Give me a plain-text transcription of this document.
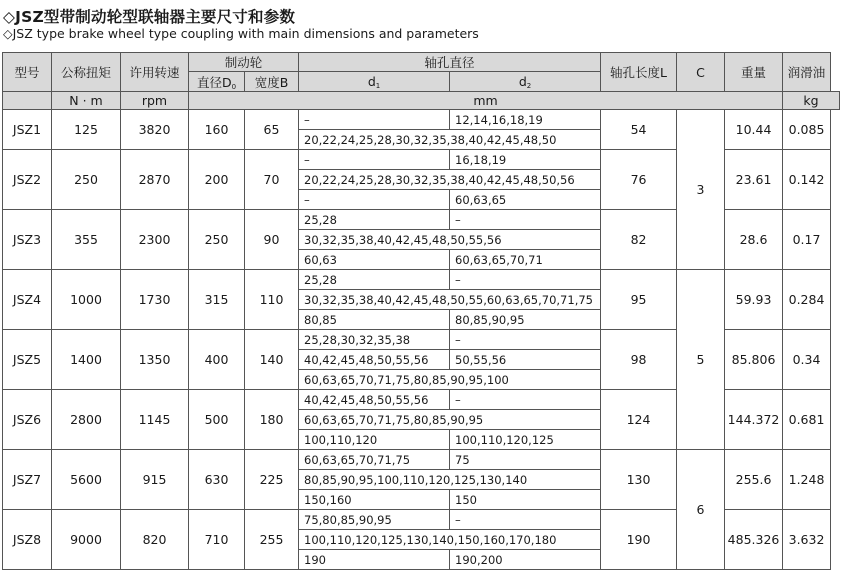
◇JSZ型带制动轮型联轴器主要尺寸和参数
◇JSZ type brake wheel type coupling with main dimensions and parameters
型号	公称扭矩	许用转速	制动轮		轴孔直径		轴孔长度L	C	重量	润滑油
			直径$D_0$	宽度B	$d_1$	$d_2$
	N · m	rpm	mm							kg
JSZ1	125	3820	160	65	–	12,14,16,18,19	54	3	10.44	0.085
					20,22,24,25,28,30,32,35,38,40,42,45,48,50					
JSZ2	250	2870	200	70	–	16,18,19	76		23.61	0.142
					20,22,24,25,28,30,32,35,38,40,42,45,48,50,56					
					–	60,63,65				
JSZ3	355	2300	250	90	25,28	–	82		28.6	0.17
					30,32,35,38,40,42,45,48,50,55,56					
					60,63	60,63,65,70,71				
JSZ4	1000	1730	315	110	25,28	–	95	5	59.93	0.284
					30,32,35,38,40,42,45,48,50,55,60,63,65,70,71,75					
					80,85	80,85,90,95				
JSZ5	1400	1350	400	140	25,28,30,32,35,38	–	98		85.806	0.34
					40,42,45,48,50,55,56	50,55,56				
					60,63,65,70,71,75,80,85,90,95,100					
JSZ6	2800	1145	500	180	40,42,45,48,50,55,56	–	124		144.372	0.681
					60,63,65,70,71,75,80,85,90,95					
					100,110,120	100,110,120,125				
JSZ7	5600	915	630	225	60,63,65,70,71,75	75	130	6	255.6	1.248
					80,85,90,95,100,110,120,125,130,140					
					150,160	150				
JSZ8	9000	820	710	255	75,80,85,90,95	–	190		485.326	3.632
					100,110,120,125,130,140,150,160,170,180					
					190	190,200				
